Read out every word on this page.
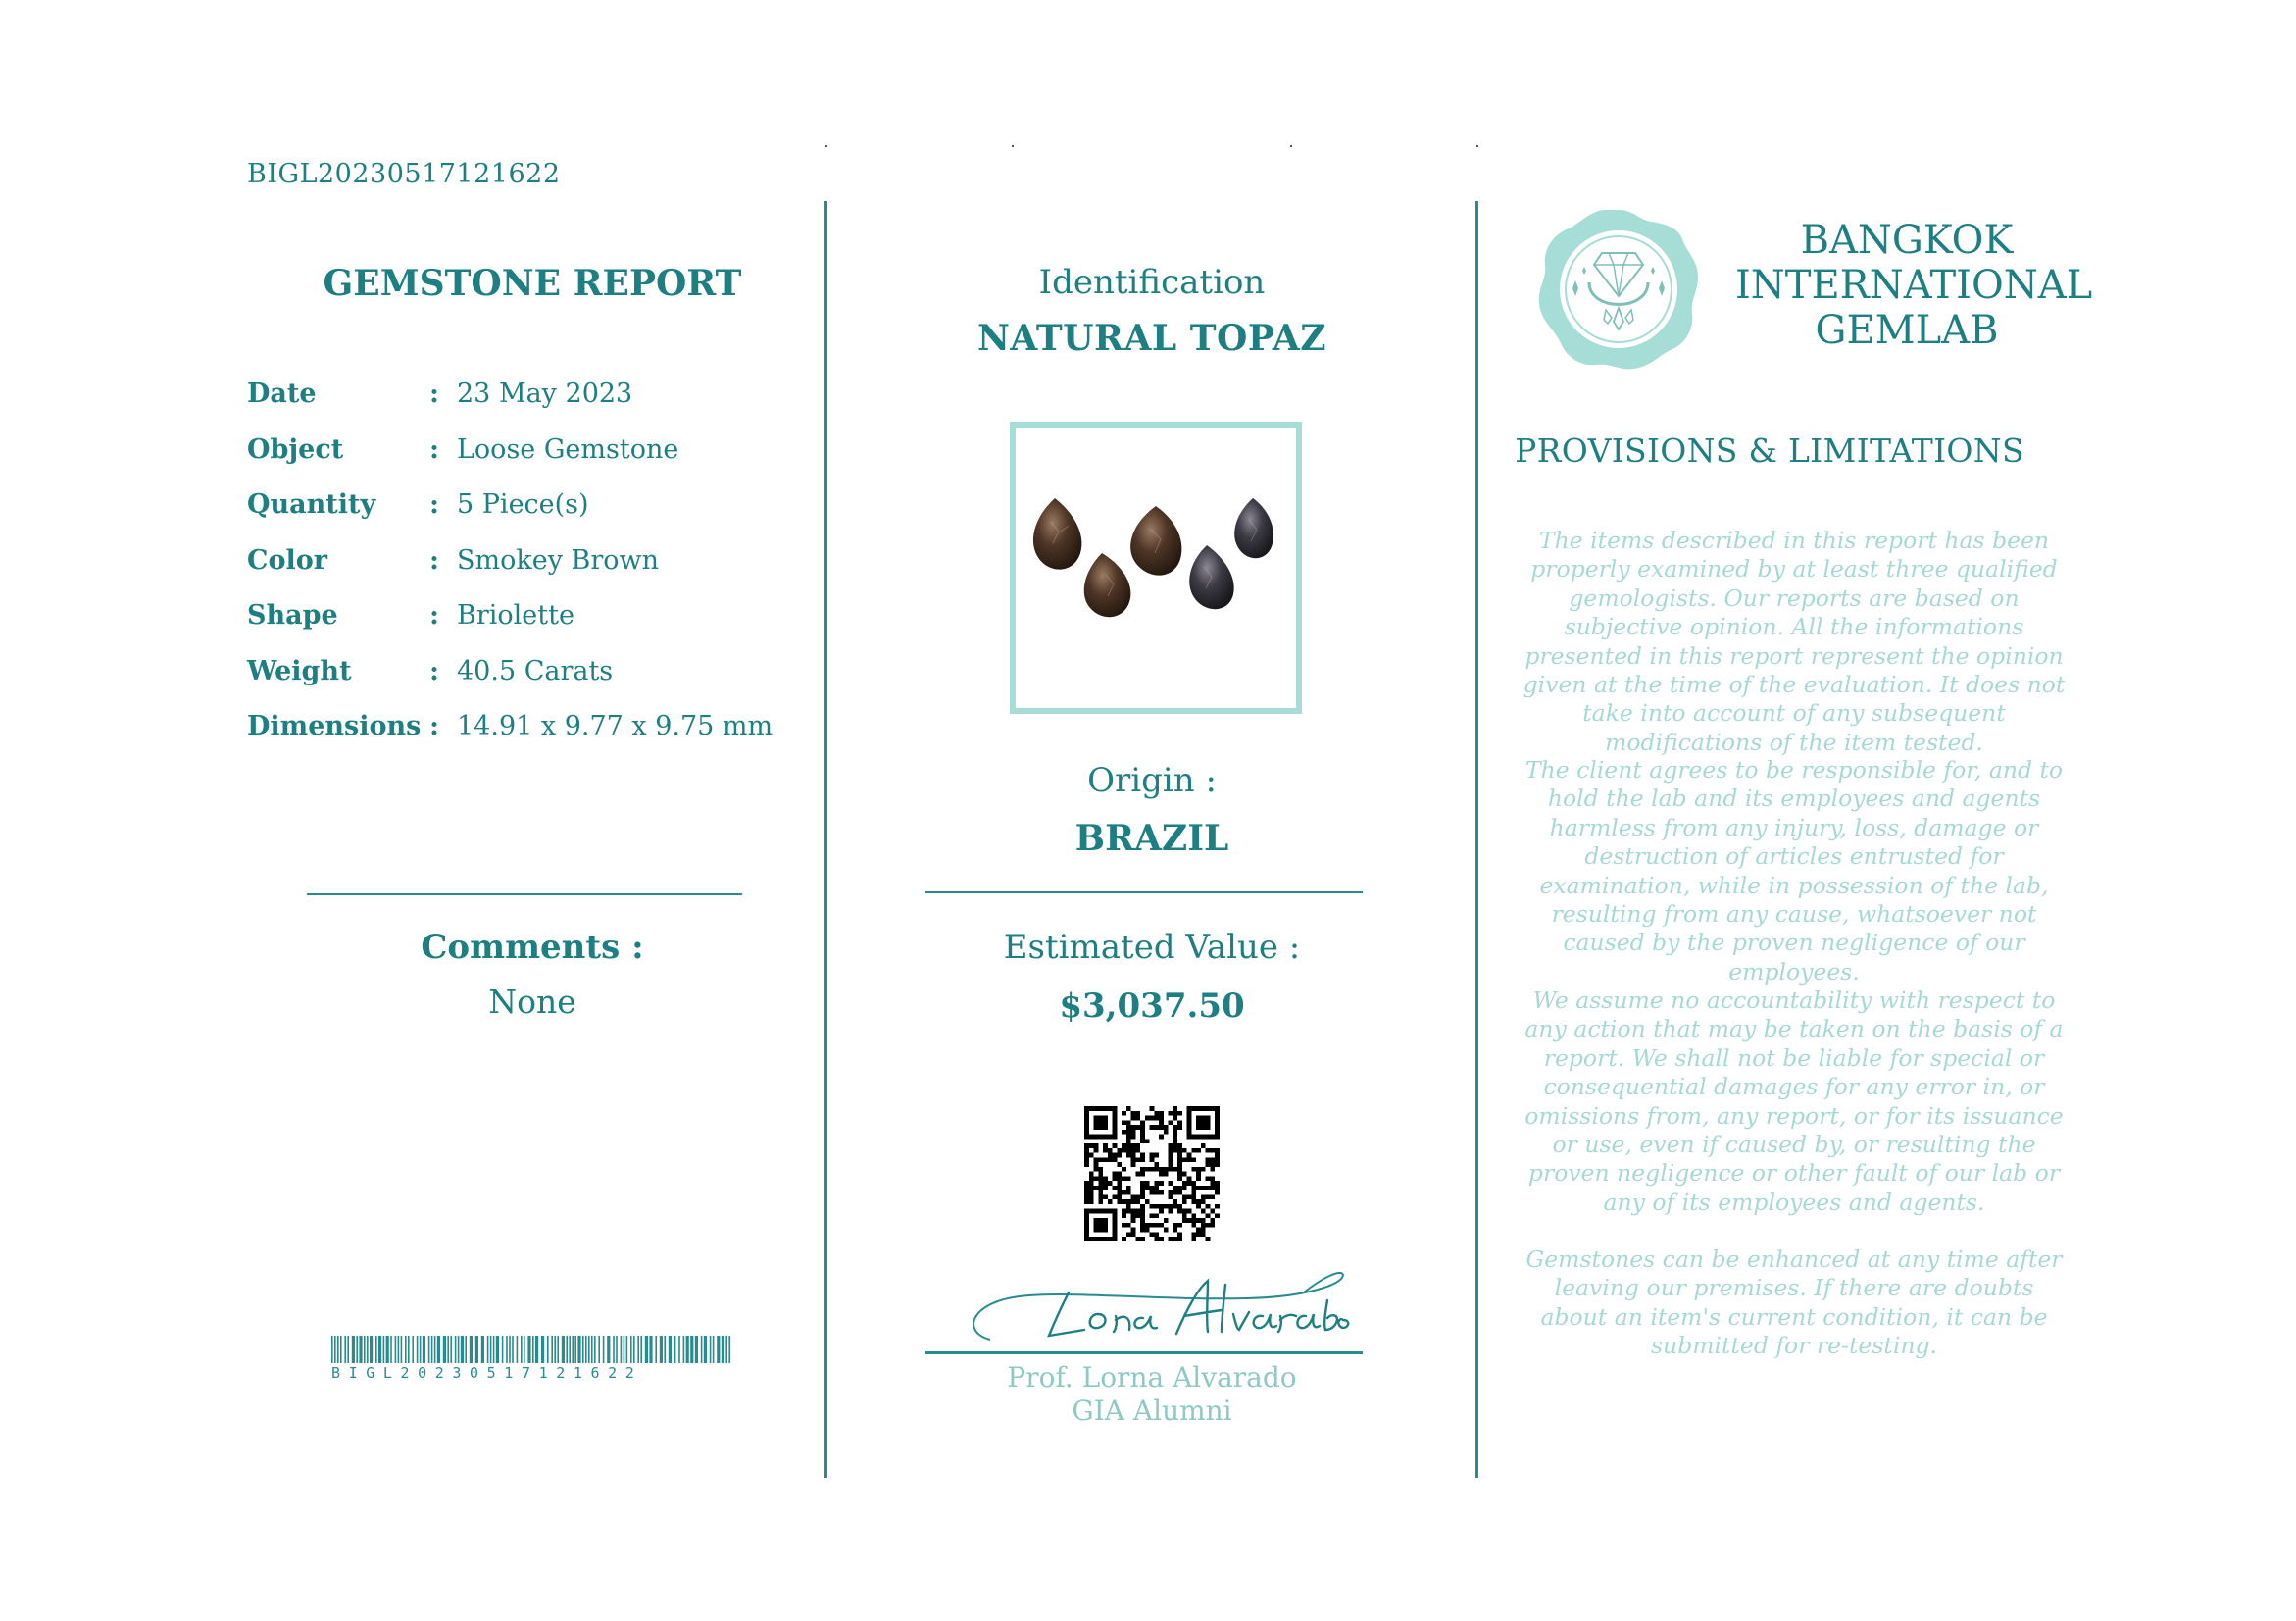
BIGL20230517121622
GEMSTONE REPORT
Date	: 23 May 2023
Object	: Loose Gemstone
Quantity : 5 Piece(s)
Color	: Smokey Brown
Shape	: Briolette
Weight	: 40.5 Carats
Dimensions : 14.91 x 9.77 x 9.75 mm
Comments :
None
BIGL20230517121622
Identification
NATURAL TOPAZ
Origin :
BRAZIL
Estimated Value :
$3,037.50
Prof. Lorna Alvarado
GIA Alumni
BANGKOK
INTERNATIONAL
GEMLAB
PROVISIONS & LIMITATIONS
The items described in this report has been properly examined by at least three qualified gemologists. Our reports are based on subjective opinion. All the informations presented in this report represent the opinion given at the time of the evaluation. It does not take into account of any subsequent modifications of the item tested.
The client agrees to be responsible for, and to hold the lab and its employees and agents harmless from any injury, loss, damage or destruction of articles entrusted for examination, while in possession of the lab, resulting from any cause, whatsoever not caused by the proven negligence of our employees.
We assume no accountability with respect to any action that may be taken on the basis of a report. We shall not be liable for special or consequential damages for any error in, or omissions from, any report, or for its issuance or use, even if caused by, or resulting the proven negligence or other fault of our lab or any of its employees and agents.
Gemstones can be enhanced at any time after leaving our premises. If there are doubts about an item's current condition, it can be submitted for re-testing.
